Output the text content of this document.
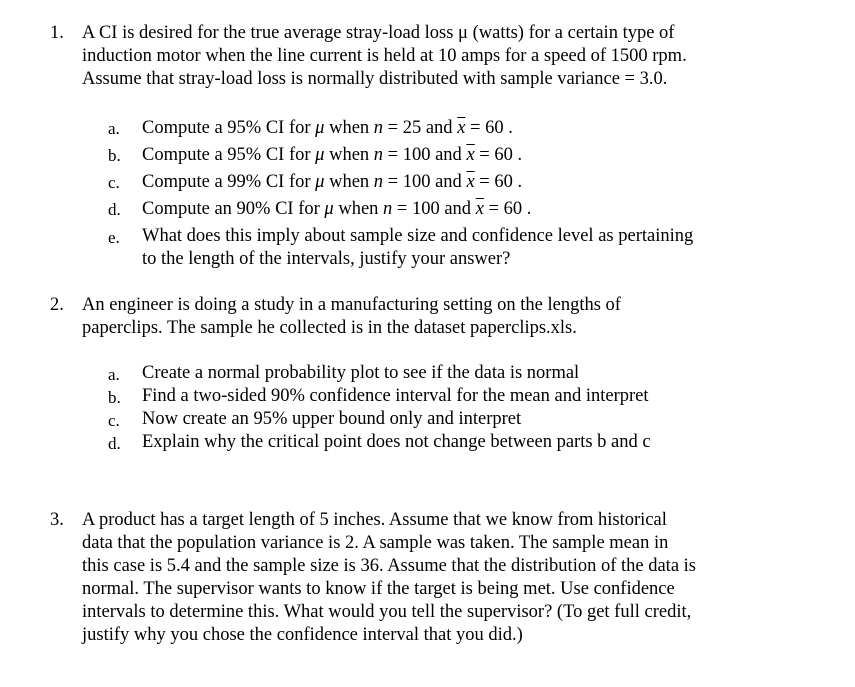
1. A CI is desired for the true average stray-load loss μ (watts) for a certain type of
induction motor when the line current is held at 10 amps for a speed of 1500 rpm.
Assume that stray-load loss is normally distributed with sample variance = 3.0.
a. Compute a 95% CI for μ when n = 25 and $\overline{x} = 60$ .
b. Compute a 95% CI for μ when n = 100 and $\overline{x} = 60$ .
c. Compute a 99% CI for μ when n = 100 and $\overline{x} = 60$ .
d. Compute an 90% CI for μ when n = 100 and $\overline{x} = 60$ .
e. What does this imply about sample size and confidence level as pertaining
to the length of the intervals, justify your answer?
2. An engineer is doing a study in a manufacturing setting on the lengths of
paperclips. The sample he collected is in the dataset paperclips.xls.
a. Create a normal probability plot to see if the data is normal
b. Find a two-sided 90% confidence interval for the mean and interpret
c. Now create an 95% upper bound only and interpret
d. Explain why the critical point does not change between parts b and c
3. A product has a target length of 5 inches. Assume that we know from historical
data that the population variance is 2. A sample was taken. The sample mean in
this case is 5.4 and the sample size is 36. Assume that the distribution of the data is
normal. The supervisor wants to know if the target is being met. Use confidence
intervals to determine this. What would you tell the supervisor? (To get full credit,
justify why you chose the confidence interval that you did.)
